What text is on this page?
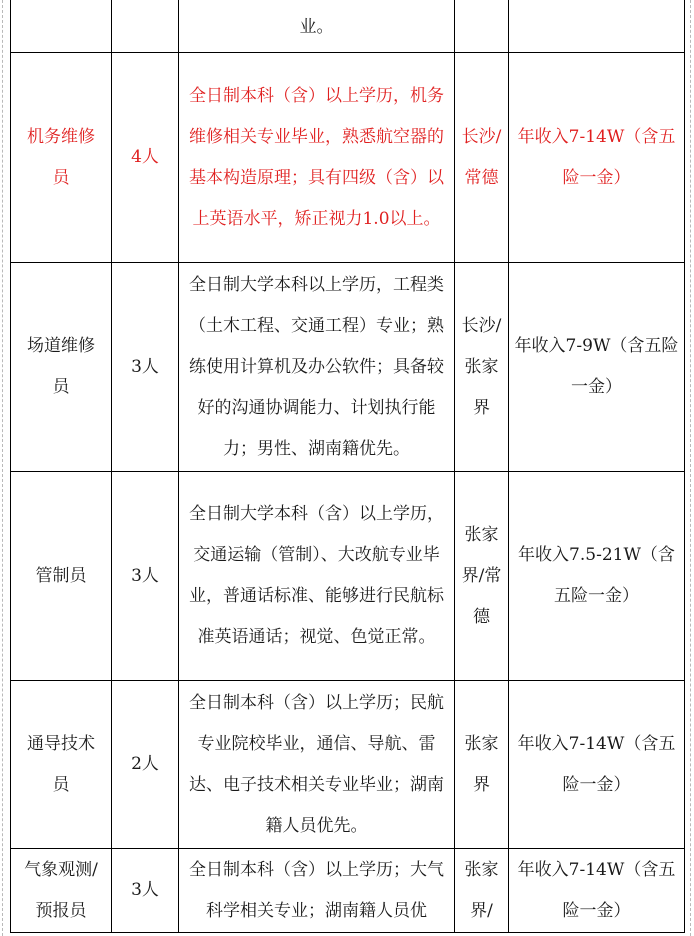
		业。		
机务维修员	4人	全日制本科（含）以上学历，机务维修相关专业毕业，熟悉航空器的基本构造原理；具有四级（含）以上英语水平，矫正视力1.0以上。	长沙/常德	年收入7-14W（含五险一金）
场道维修员	3人	全日制大学本科以上学历，工程类（土木工程、交通工程）专业；熟练使用计算机及办公软件；具备较好的沟通协调能力、计划执行能力；男性、湖南籍优先。	长沙/张家界	年收入7-9W（含五险一金）
管制员	3人	全日制大学本科（含）以上学历，交通运输（管制）、大改航专业毕业，普通话标准、能够进行民航标准英语通话；视觉、色觉正常。	张家界/常德	年收入7.5-21W（含五险一金）
通导技术员	2人	全日制本科（含）以上学历；民航专业院校毕业，通信、导航、雷达、电子技术相关专业毕业；湖南籍人员优先。	张家界	年收入7-14W（含五险一金）
气象观测/预报员	3人	全日制本科（含）以上学历；大气科学相关专业；湖南籍人员优	张家界/	年收入7-14W（含五险一金）
